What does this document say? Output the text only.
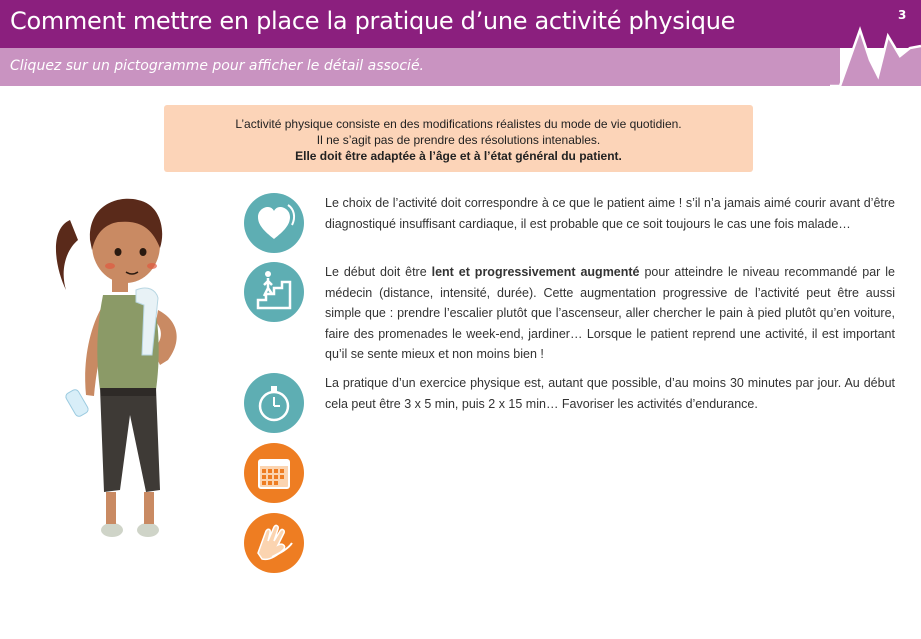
Comment mettre en place la pratique d’une activité physique	3
Cliquez sur un pictogramme pour afficher le détail associé.
L’activité physique consiste en des modifications réalistes du mode de vie quotidien.
Il ne s’agit pas de prendre des résolutions intenables.
Elle doit être adaptée à l’âge et à l’état général du patient.
Le choix de l’activité doit correspondre à ce que le patient aime ! s’il n’a jamais aimé courir avant d’être diagnostiqué insuffisant cardiaque, il est probable que ce soit toujours le cas une fois malade…
Le début doit être lent et progressivement augmenté pour atteindre le niveau recommandé par le médecin (distance, intensité, durée). Cette augmentation progressive de l’activité peut être aussi simple que : prendre l’escalier plutôt que l’ascenseur, aller chercher le pain à pied plutôt qu’en voiture, faire des promenades le week-end, jardiner… Lorsque le patient reprend une activité, il est important qu’il se sente mieux et non moins bien !
La pratique d’un exercice physique est, autant que possible, d’au moins 30 minutes par jour. Au début cela peut être 3 x 5 min, puis 2 x 15 min… Favoriser les activités d’endurance.
